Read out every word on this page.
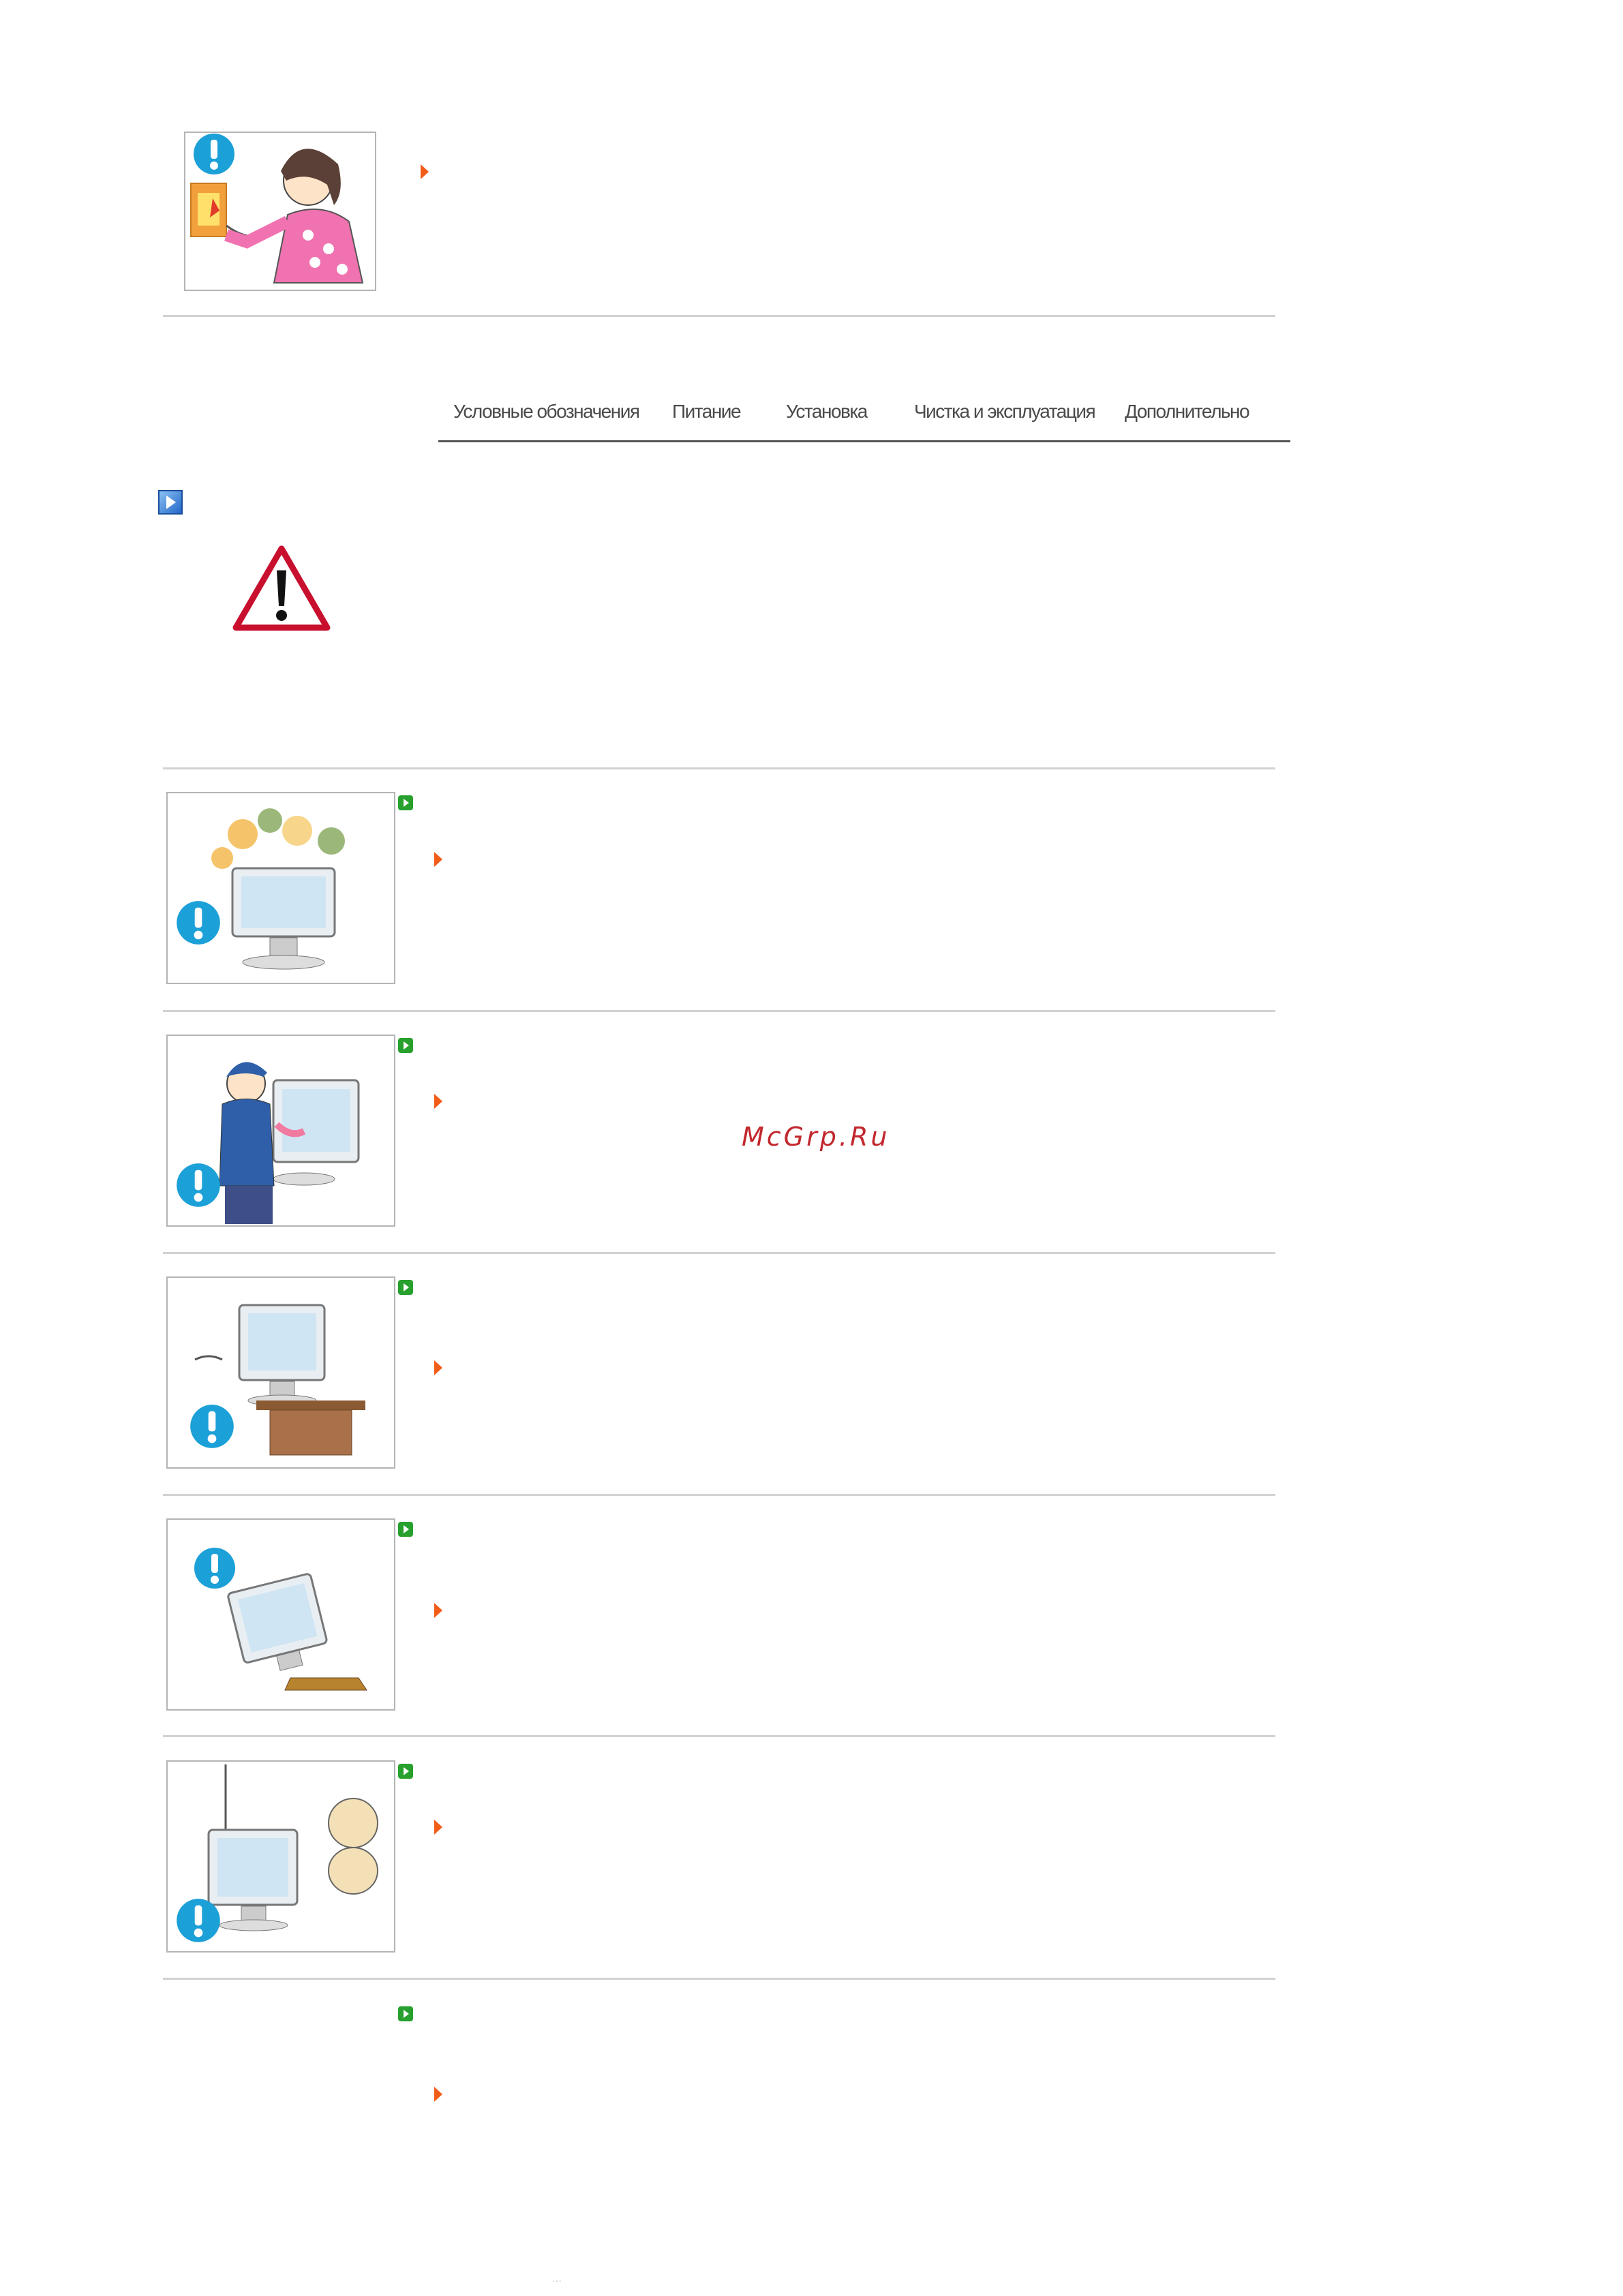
Условные обозначения Питание Установка Чистка и эксплуатация Дополнительно
McGrp.Ru
···
